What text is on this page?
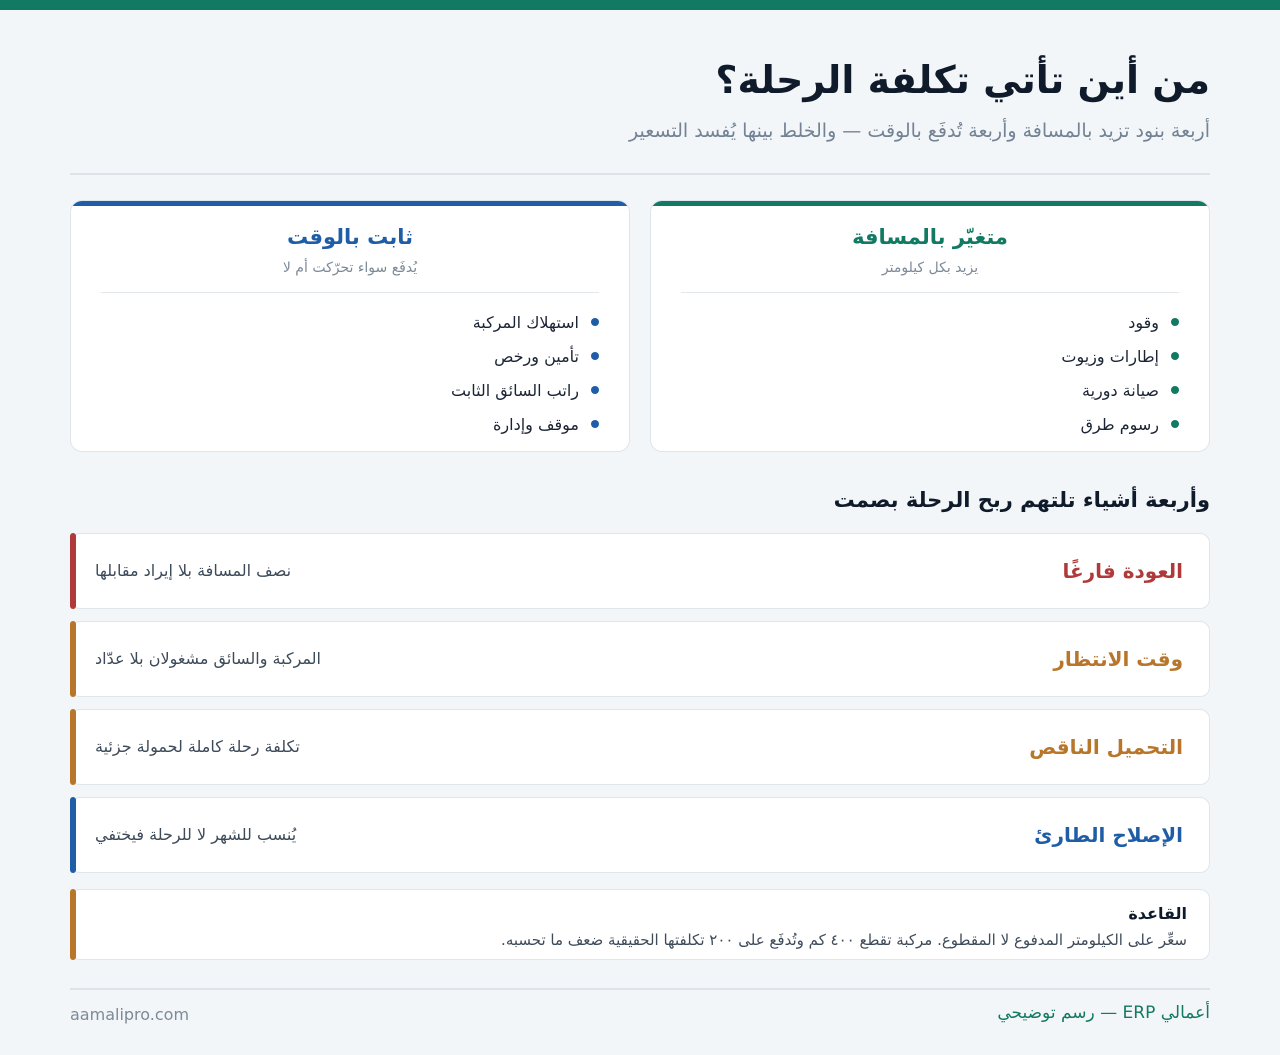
من أين تأتي تكلفة الرحلة؟

أربعة بنود تزيد بالمسافة وأربعة تُدفَع بالوقت — والخلط بينها يُفسد التسعير

متغيّر بالمسافة
يزيد بكل كيلومتر
وقود
إطارات وزيوت
صيانة دورية
رسوم طرق
ثابت بالوقت
يُدفَع سواء تحرّكت أم لا
استهلاك المركبة
تأمين ورخص
راتب السائق الثابت
موقف وإدارة
وأربعة أشياء تلتهم ربح الرحلة بصمت
العودة فارغًا
نصف المسافة بلا إيراد مقابلها
وقت الانتظار
المركبة والسائق مشغولان بلا عدّاد
التحميل الناقص
تكلفة رحلة كاملة لحمولة جزئية
الإصلاح الطارئ
يُنسب للشهر لا للرحلة فيختفي
القاعدة
سعِّر على الكيلومتر المدفوع لا المقطوع. مركبة تقطع ٤٠٠ كم وتُدفَع على ٢٠٠ تكلفتها الحقيقية ضعف ما تحسبه.
أعمالي ERP — رسم توضيحي
aamalipro.com
